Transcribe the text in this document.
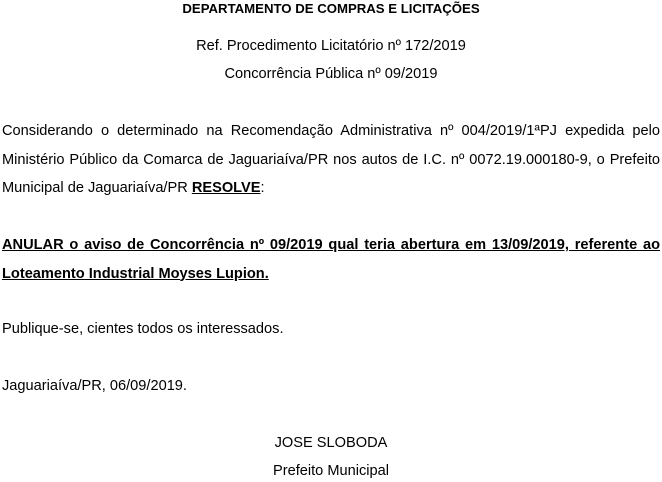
DEPARTAMENTO DE COMPRAS E LICITAÇÕES
Ref. Procedimento Licitatório nº 172/2019
Concorrência Pública nº 09/2019
Considerando o determinado na Recomendação Administrativa nº 004/2019/1ªPJ expedida pelo Ministério Público da Comarca de Jaguariaíva/PR nos autos de I.C. nº 0072.19.000180-9, o Prefeito Municipal de Jaguariaíva/PR RESOLVE:
ANULAR o aviso de Concorrência nº 09/2019 qual teria abertura em 13/09/2019, referente ao Loteamento Industrial Moyses Lupion.
Publique-se, cientes todos os interessados.
Jaguariaíva/PR, 06/09/2019.
JOSE SLOBODA
Prefeito Municipal
